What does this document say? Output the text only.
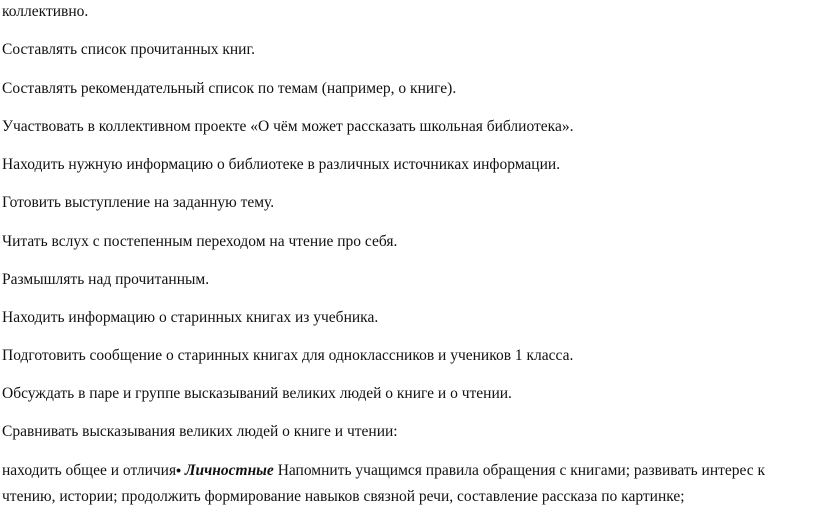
коллективно.
Составлять список прочитанных книг.
Составлять рекомендательный список по темам (например, о книге).
Участвовать в коллективном проекте «О чём может рассказать школьная библиотека».
Находить нужную информацию о библиотеке в различных источниках информации.
Готовить выступление на заданную тему.
Читать вслух с постепенным переходом на чтение про себя.
Размышлять над прочитанным.
Находить информацию о старинных книгах из учебника.
Подготовить сообщение о старинных книгах для одноклассников и учеников 1 класса.
Обсуждать в паре и группе высказываний великих людей о книге и о чтении.
Сравнивать высказывания великих людей о книге и чтении:
находить общее и отличия• Личностные Напомнить учащимся правила обращения с книгами; развивать интерес к чтению, истории; продолжить формирование навыков связной речи, составление рассказа по картинке;
